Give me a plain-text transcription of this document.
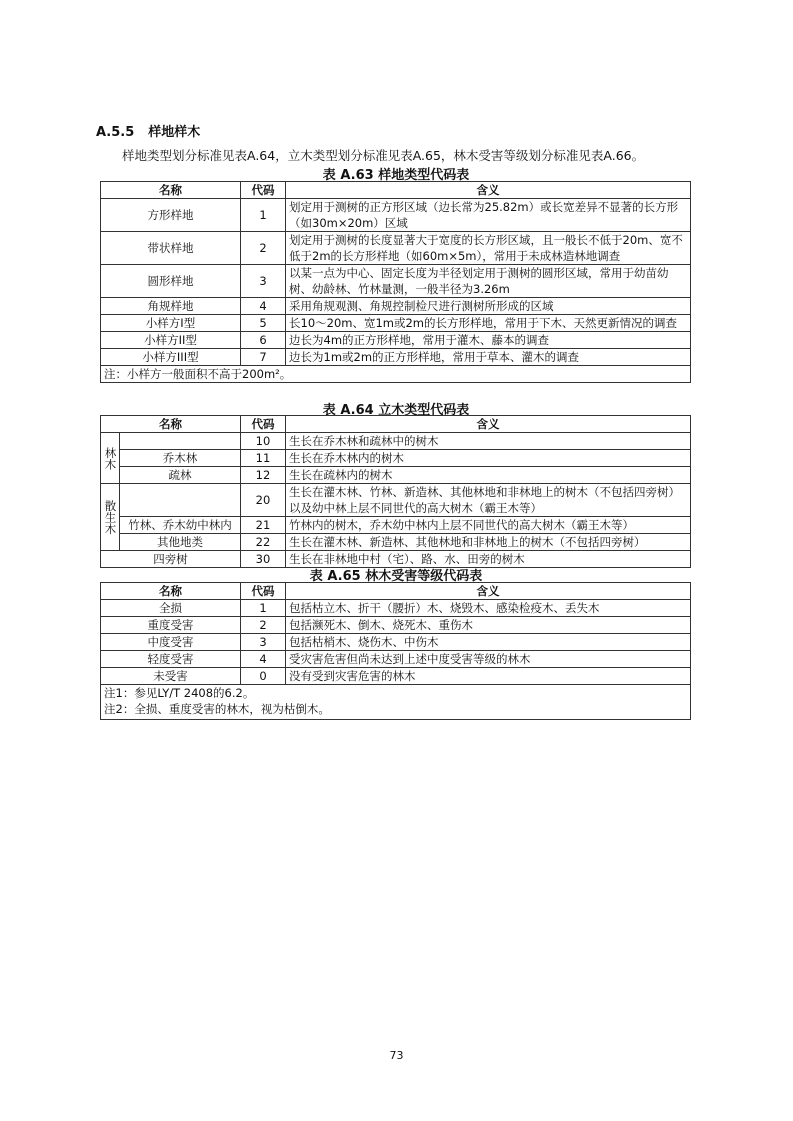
A.5.5 样地样木
样地类型划分标准见表A.64，立木类型划分标准见表A.65，林木受害等级划分标准见表A.66。
表 A.63 样地类型代码表
名称	代码	含义
方形样地	1	划定用于测树的正方形区域（边长常为25.82m）或长宽差异不显著的长方形（如30m×20m）区域
带状样地	2	划定用于测树的长度显著大于宽度的长方形区域，且一般长不低于20m、宽不低于2m的长方形样地（如60m×5m），常用于未成林造林地调查
圆形样地	3	以某一点为中心、固定长度为半径划定用于测树的圆形区域，常用于幼苗幼树、幼龄林、竹林量测，一般半径为3.26m
角规样地	4	采用角规观测、角规控制检尺进行测树所形成的区域
小样方I型	5	长10～20m、宽1m或2m的长方形样地，常用于下木、天然更新情况的调查
小样方II型	6	边长为4m的正方形样地，常用于灌木、藤本的调查
小样方III型	7	边长为1m或2m的正方形样地，常用于草本、灌木的调查
注：小样方一般面积不高于200m²。		
表 A.64 立木类型代码表
名称		代码	含义
林木		10	生长在乔木林和疏林中的树木
	乔木林	11	生长在乔木林内的树木
	疏林	12	生长在疏林内的树木
散生木		20	生长在灌木林、竹林、新造林、其他林地和非林地上的树木（不包括四旁树）以及幼中林上层不同世代的高大树木（霸王木等）
	竹林、乔木幼中林内	21	竹林内的树木，乔木幼中林内上层不同世代的高大树木（霸王木等）
	其他地类	22	生长在灌木林、新造林、其他林地和非林地上的树木（不包括四旁树）
四旁树		30	生长在非林地中村（宅）、路、水、田旁的树木
表 A.65 林木受害等级代码表
名称	代码	含义
全损	1	包括枯立木、折干（腰折）木、烧毁木、感染检疫木、丢失木
重度受害	2	包括濒死木、倒木、烧死木、重伤木
中度受害	3	包括枯梢木、烧伤木、中伤木
轻度受害	4	受灾害危害但尚未达到上述中度受害等级的林木
未受害	0	没有受到灾害危害的林木

注1：参见LY/T 2408的6.2。
注2：全损、重度受害的林木，视为枯倒木。		
73
